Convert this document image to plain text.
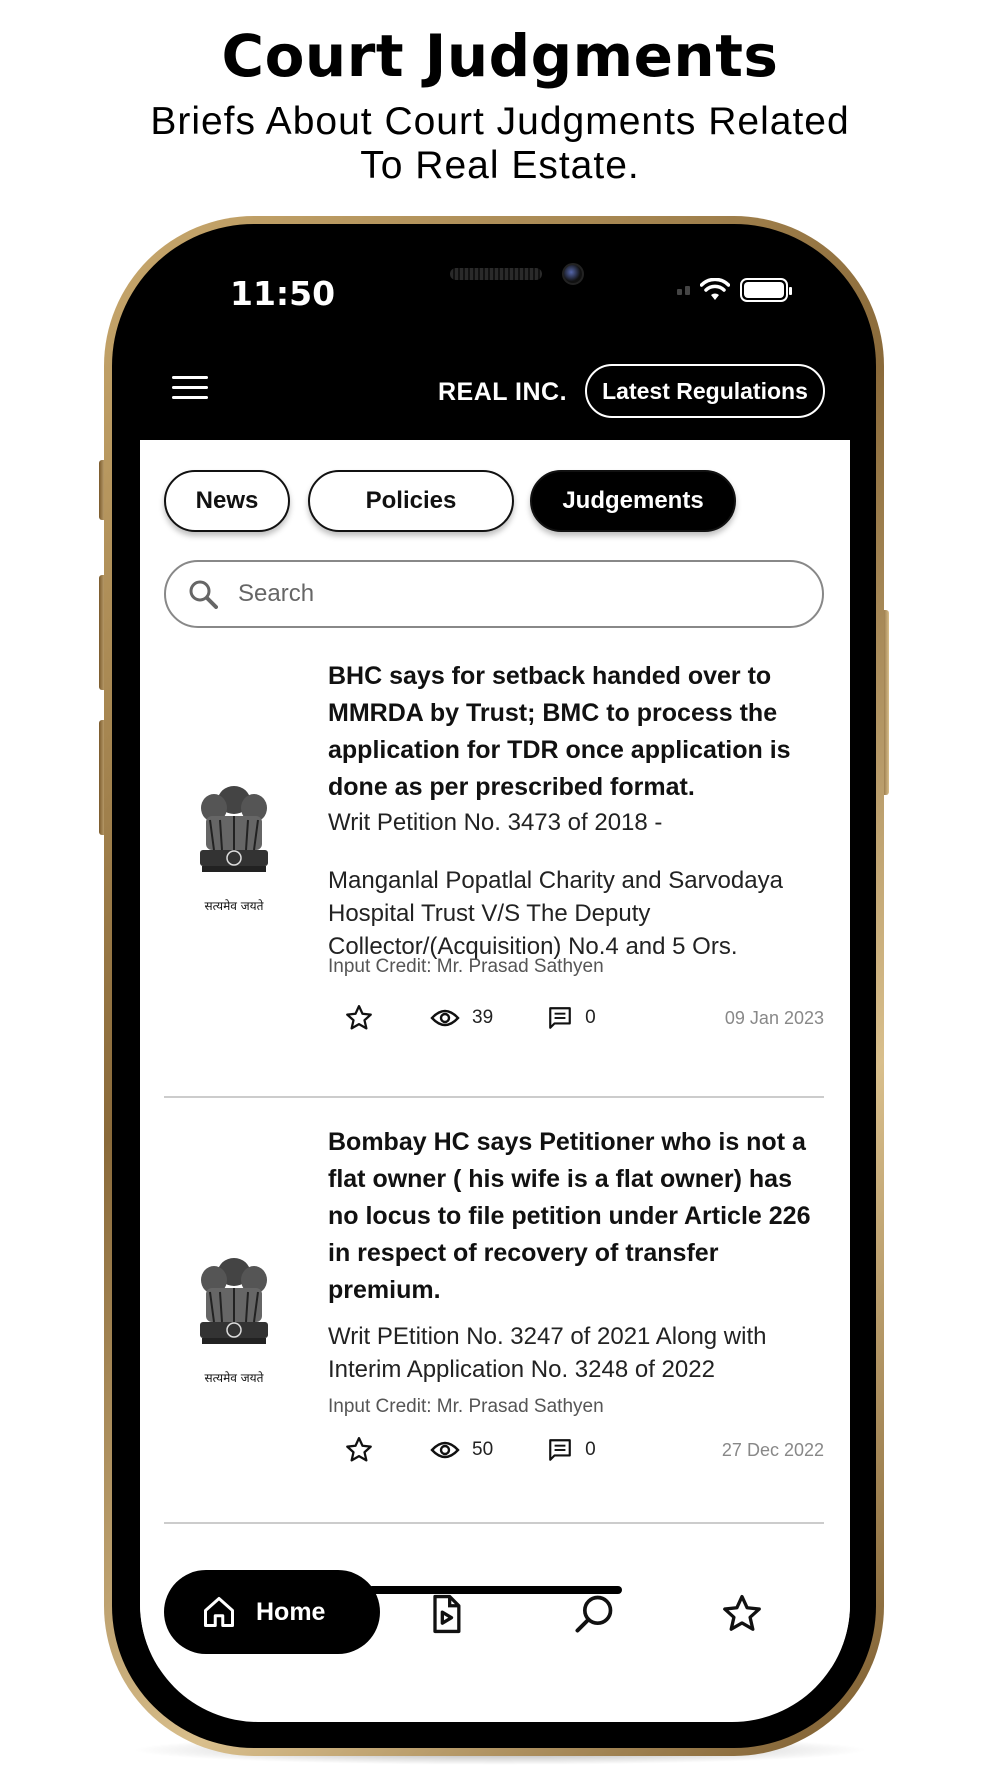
Court Judgments
Briefs About Court Judgments Related To Real Estate.
11:50
REAL INC.	Latest Regulations
News	Policies	Judgements
Search
सत्यमेव जयते
BHC says for setback handed over to MMRDA by Trust; BMC to process the application for TDR once application is done as per prescribed format.
Writ Petition No. 3473 of 2018 -
Manganlal Popatlal Charity and Sarvodaya Hospital Trust V/S The Deputy Collector/(Acquisition) No.4 and 5 Ors.
Input Credit: Mr. Prasad Sathyen
39	0	09 Jan 2023
सत्यमेव जयते
Bombay HC says Petitioner who is not a flat owner ( his wife is a flat owner) has no locus to file petition under Article 226 in respect of recovery of transfer premium.
Writ PEtition No. 3247 of 2021 Along with Interim Application No. 3248 of 2022
Input Credit: Mr. Prasad Sathyen
50	0	27 Dec 2022
Home
